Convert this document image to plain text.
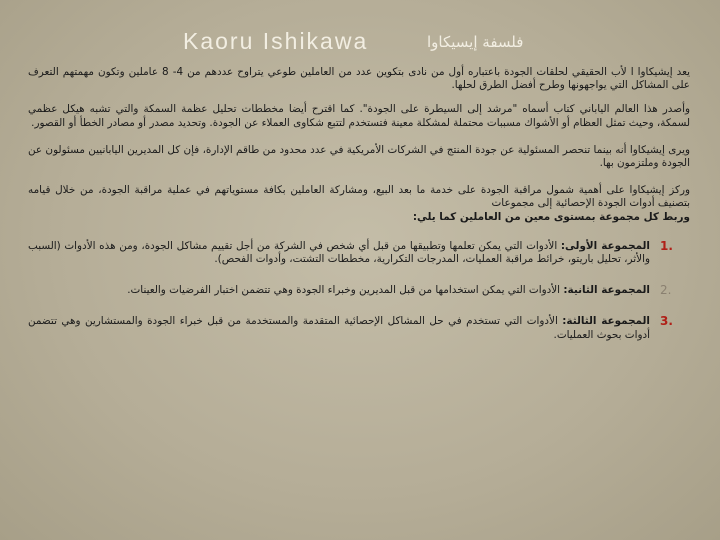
Kaoru Ishikawa	فلسفة إيسيكاوا

يعد إيشيكاوا ا لأب الحقيقي لحلقات الجودة باعتباره أول من نادى بتكوين عدد من العاملين طوعي يتراوح عددهم من 4- 8 عاملين وتكون مهمتهم التعرف على المشاكل التي يواجهونها وطرح أفضل الطرق لحلها.

وأصدر هذا العالم الياباني كتاب أسماه "مرشد إلى السيطرة على الجودة". كما اقترح أيضا مخططات تحليل عظمة السمكة والتي تشبه هيكل عظمي لسمكة، وحيث تمثل العظام أو الأشواك مسببات محتملة لمشكلة معينة فتستخدم لتتبع شكاوى العملاء عن الجودة. وتحديد مصدر أو مصادر الخطأ أو القصور.

ويرى إيشيكاوا أنه بينما تنحصر المسئولية عن جودة المنتج في الشركات الأمريكية في عدد محدود من طاقم الإدارة، فإن كل المديرين اليابانيين مسئولون عن الجودة وملتزمون بها.

وركز إيشيكاوا على أهمية شمول مراقبة الجودة على خدمة ما بعد البيع، ومشاركة العاملين بكافة مستوياتهم في عملية مراقبة الجودة، من خلال قيامه بتصنيف أدوات الجودة الإحصائية إلى مجموعات

وربط كل مجموعة بمستوى معين من العاملين كما يلي:

1.
المجموعة الأولى: الأدوات التي يمكن تعلمها وتطبيقها من قبل أي شخص في الشركة من أجل تقييم مشاكل الجودة، ومن هذه الأدوات (السبب والأثر، تحليل باريتو، خرائط مراقبة العمليات، المدرجات التكرارية، مخططات التشتت، وأدوات الفحص).
2.
المجموعة الثانية: الأدوات التي يمكن استخدامها من قبل المديرين وخبراء الجودة وهي تتضمن اختبار الفرضيات والعينات.
3.
المجموعة الثالثة: الأدوات التي تستخدم في حل المشاكل الإحصائية المتقدمة والمستخدمة من قبل خبراء الجودة والمستشارين وهي تتضمن أدوات بحوث العمليات.
